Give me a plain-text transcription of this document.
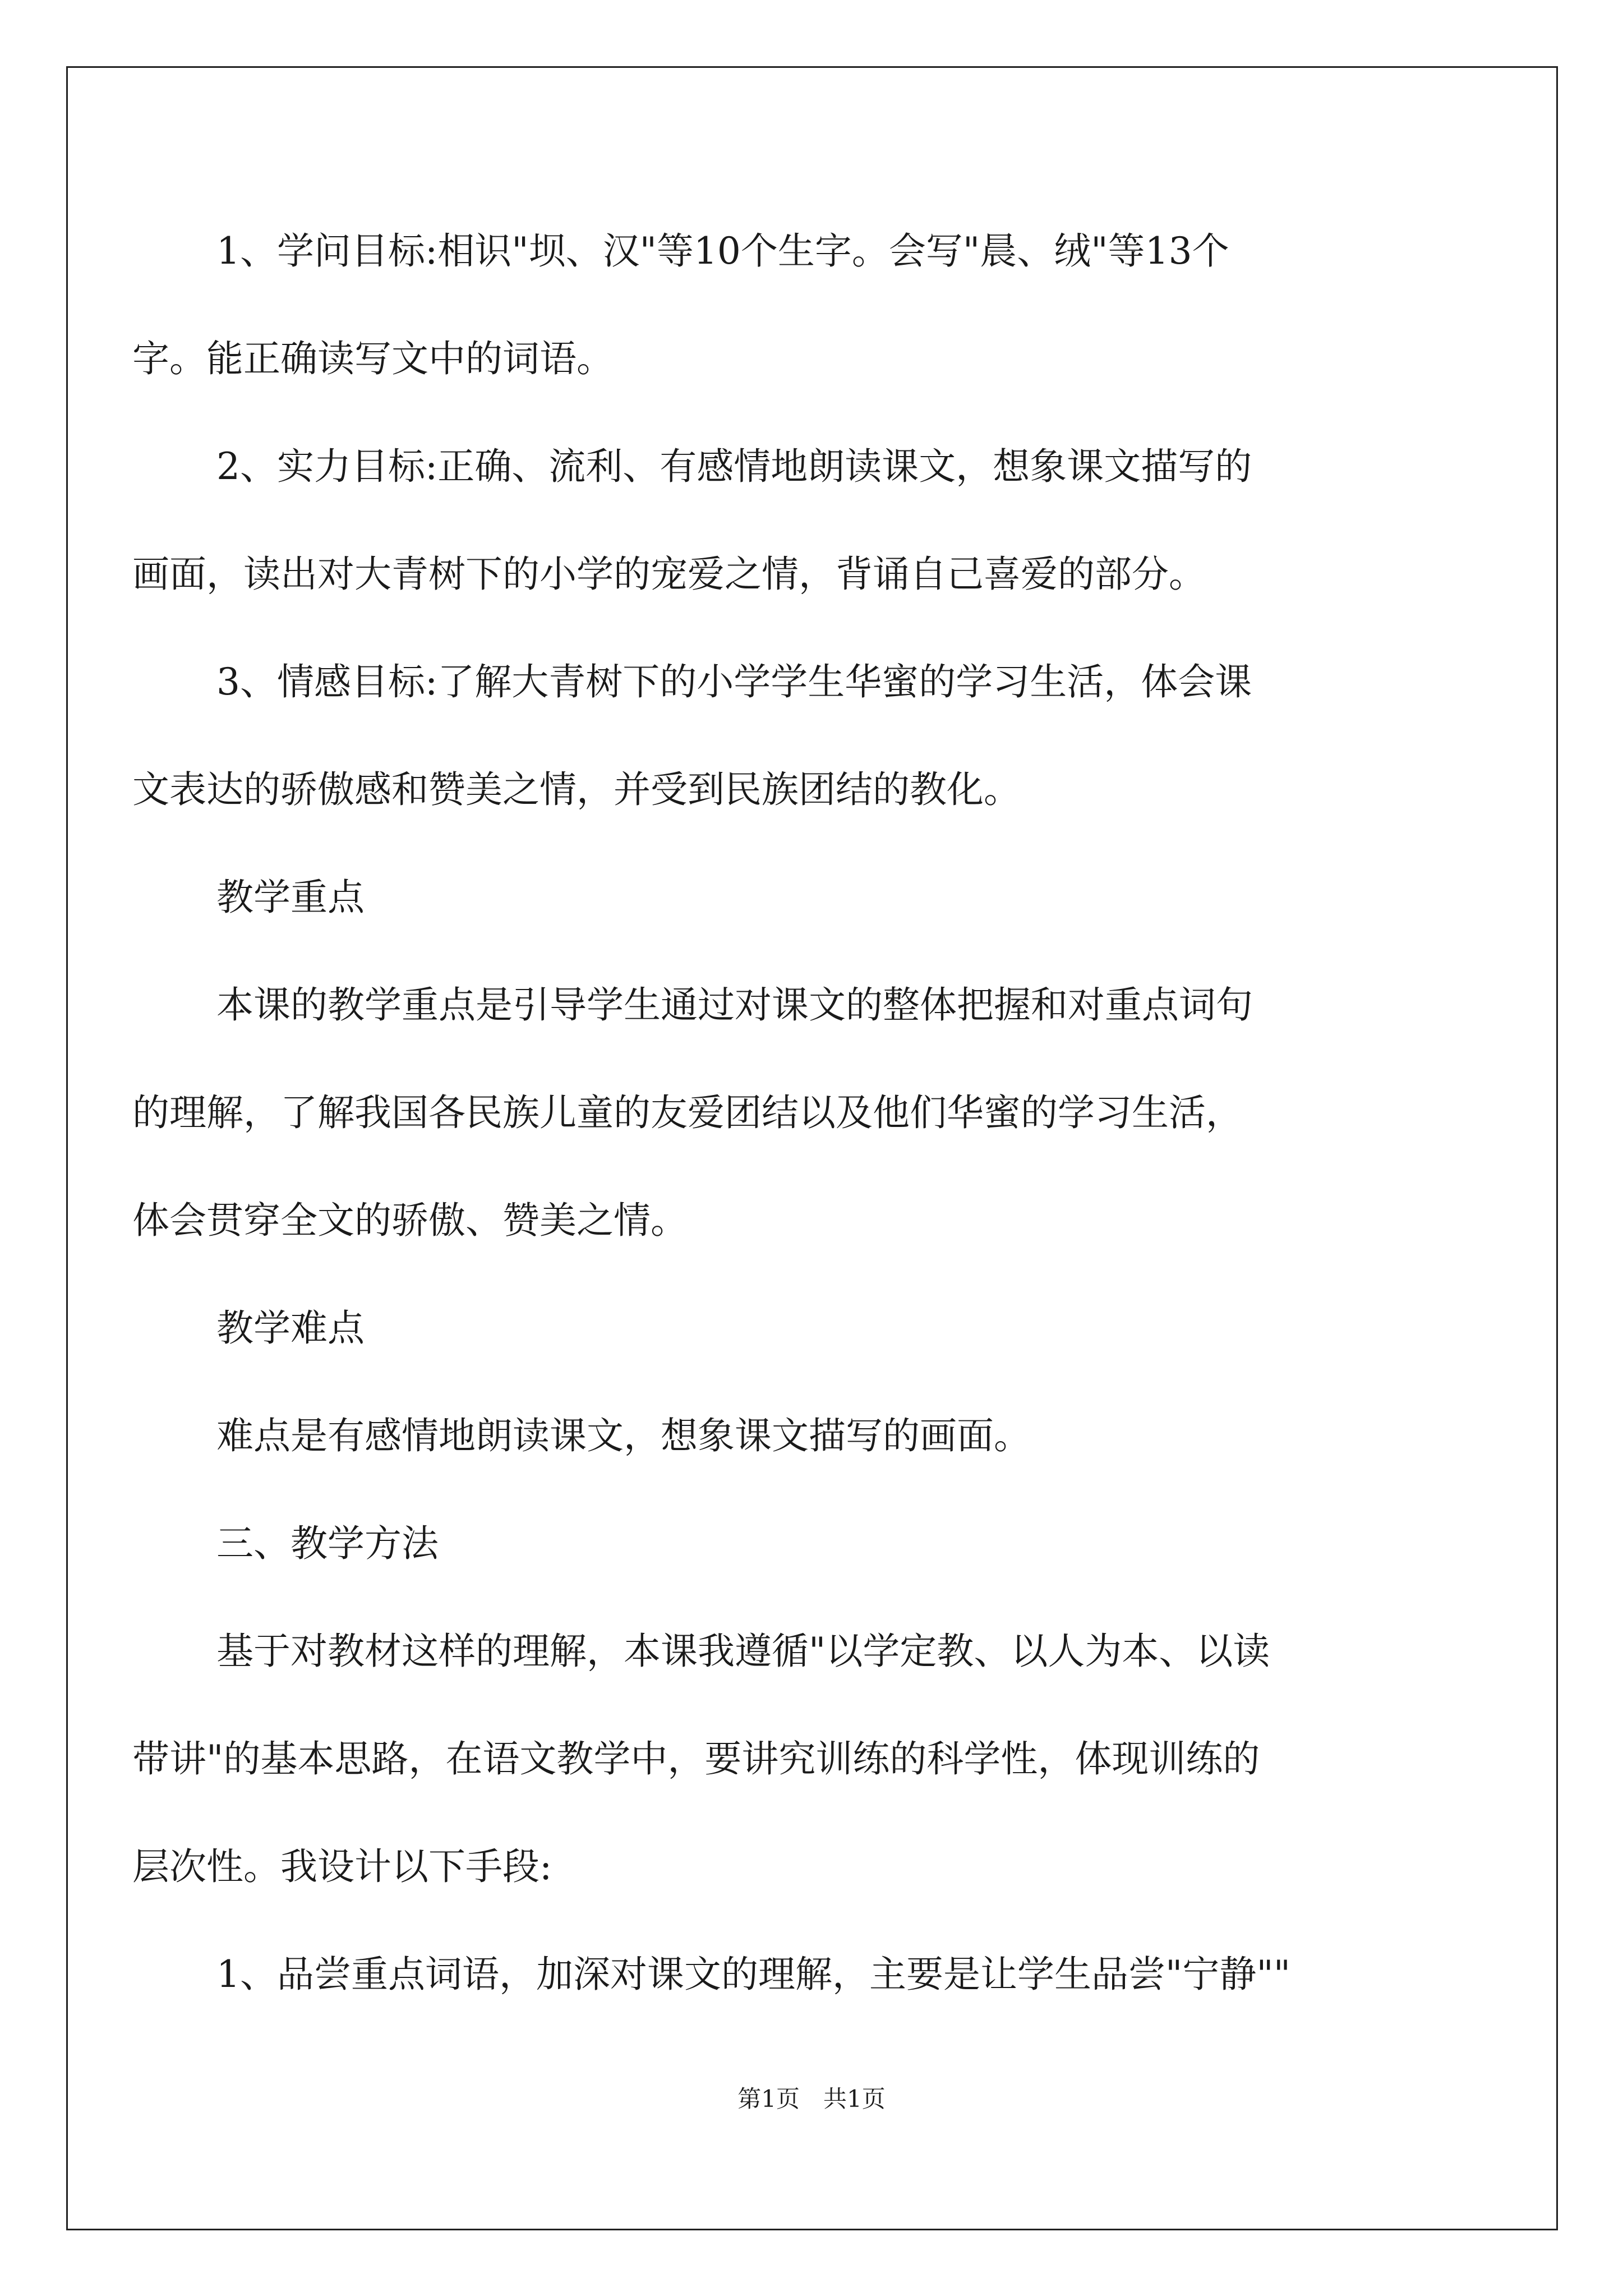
1、学问目标:相识"坝、汉"等10个生字。会写"晨、绒"等13个
字。能正确读写文中的词语。
2、实力目标:正确、流利、有感情地朗读课文，想象课文描写的
画面，读出对大青树下的小学的宠爱之情，背诵自己喜爱的部分。
3、情感目标:了解大青树下的小学学生华蜜的学习生活，体会课
文表达的骄傲感和赞美之情，并受到民族团结的教化。
教学重点
本课的教学重点是引导学生通过对课文的整体把握和对重点词句
的理解，了解我国各民族儿童的友爱团结以及他们华蜜的学习生活，
体会贯穿全文的骄傲、赞美之情。
教学难点
难点是有感情地朗读课文，想象课文描写的画面。
三、教学方法
基于对教材这样的理解，本课我遵循"以学定教、以人为本、以读
带讲"的基本思路，在语文教学中，要讲究训练的科学性，体现训练的
层次性。我设计以下手段:
1、品尝重点词语，加深对课文的理解，主要是让学生品尝"宁静""
第1页　共1页
